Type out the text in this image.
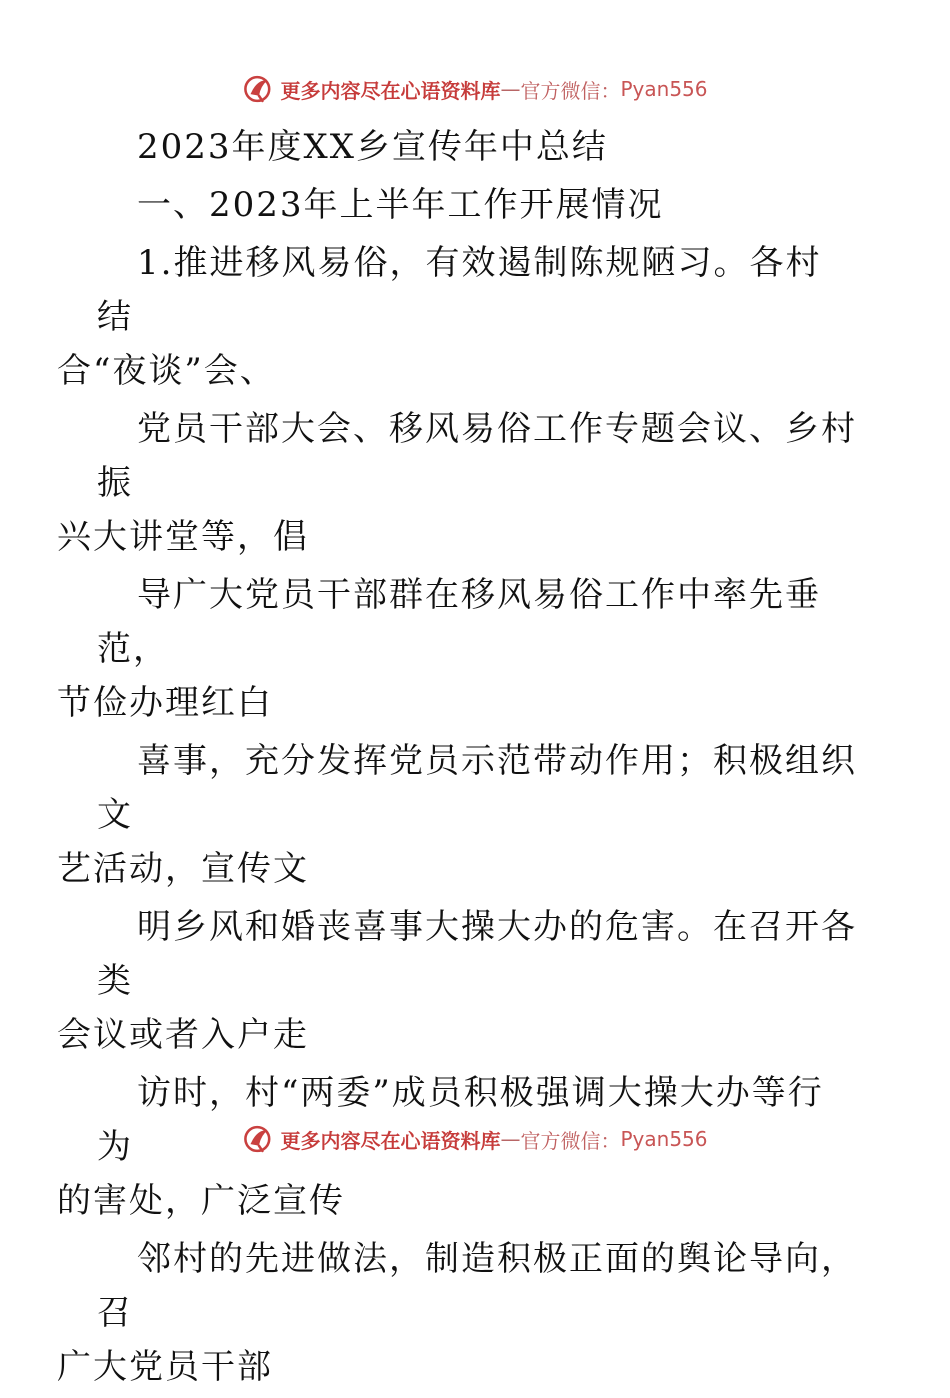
更多内容尽在心语资料库 — 官方微信： Pyan556

2023年度XX乡宣传年中总结

一、2023年上半年工作开展情况

1.推进移风易俗，有效遏制陈规陋习。各村结
合“夜谈”会、

党员干部大会、移风易俗工作专题会议、乡村振
兴大讲堂等，倡

导广大党员干部群在移风易俗工作中率先垂范，
节俭办理红白

喜事，充分发挥党员示范带动作用；积极组织文
艺活动，宣传文

明乡风和婚丧喜事大操大办的危害。在召开各类
会议或者入户走

访时，村“两委”成员积极强调大操大办等行为
的害处，广泛宣传

邻村的先进做法，制造积极正面的舆论导向，召
广大党员干部

更多内容尽在心语资料库 — 官方微信： Pyan556
